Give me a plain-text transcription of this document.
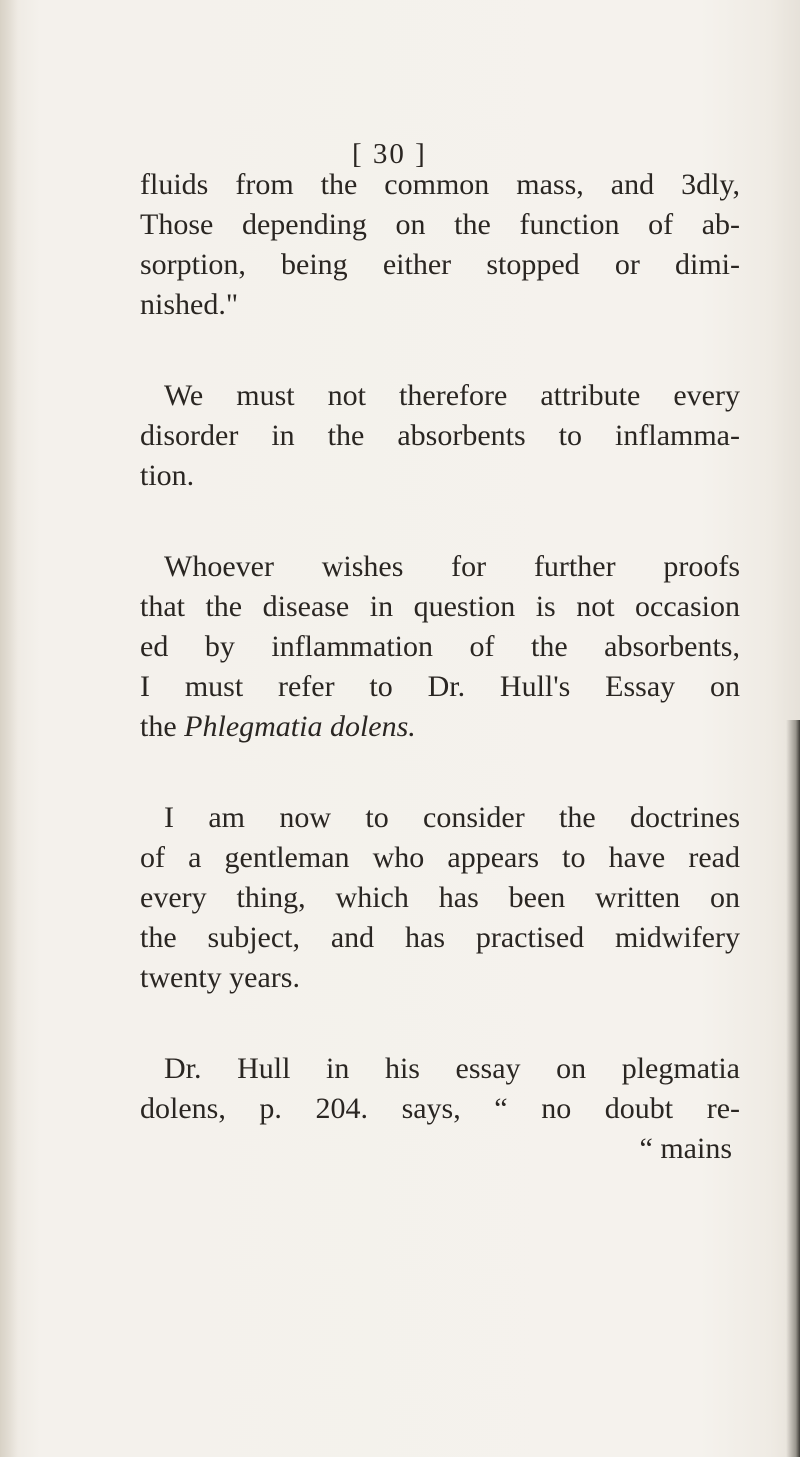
[ 30 ]
fluids from the common mass, and 3dly,
Those depending on the function of ab-
sorption, being either stopped or dimi-
nished."
We must not therefore attribute every
disorder in the absorbents to inflamma-
tion.
Whoever wishes for further proofs
that the disease in question is not occasion
ed by inflammation of the absorbents,
I must refer to Dr. Hull's Essay on
the Phlegmatia dolens.
I am now to consider the doctrines
of a gentleman who appears to have read
every thing, which has been written on
the subject, and has practised midwifery
twenty years.
Dr. Hull in his essay on plegmatia
dolens, p. 204. says, “ no doubt re-
“ mains
